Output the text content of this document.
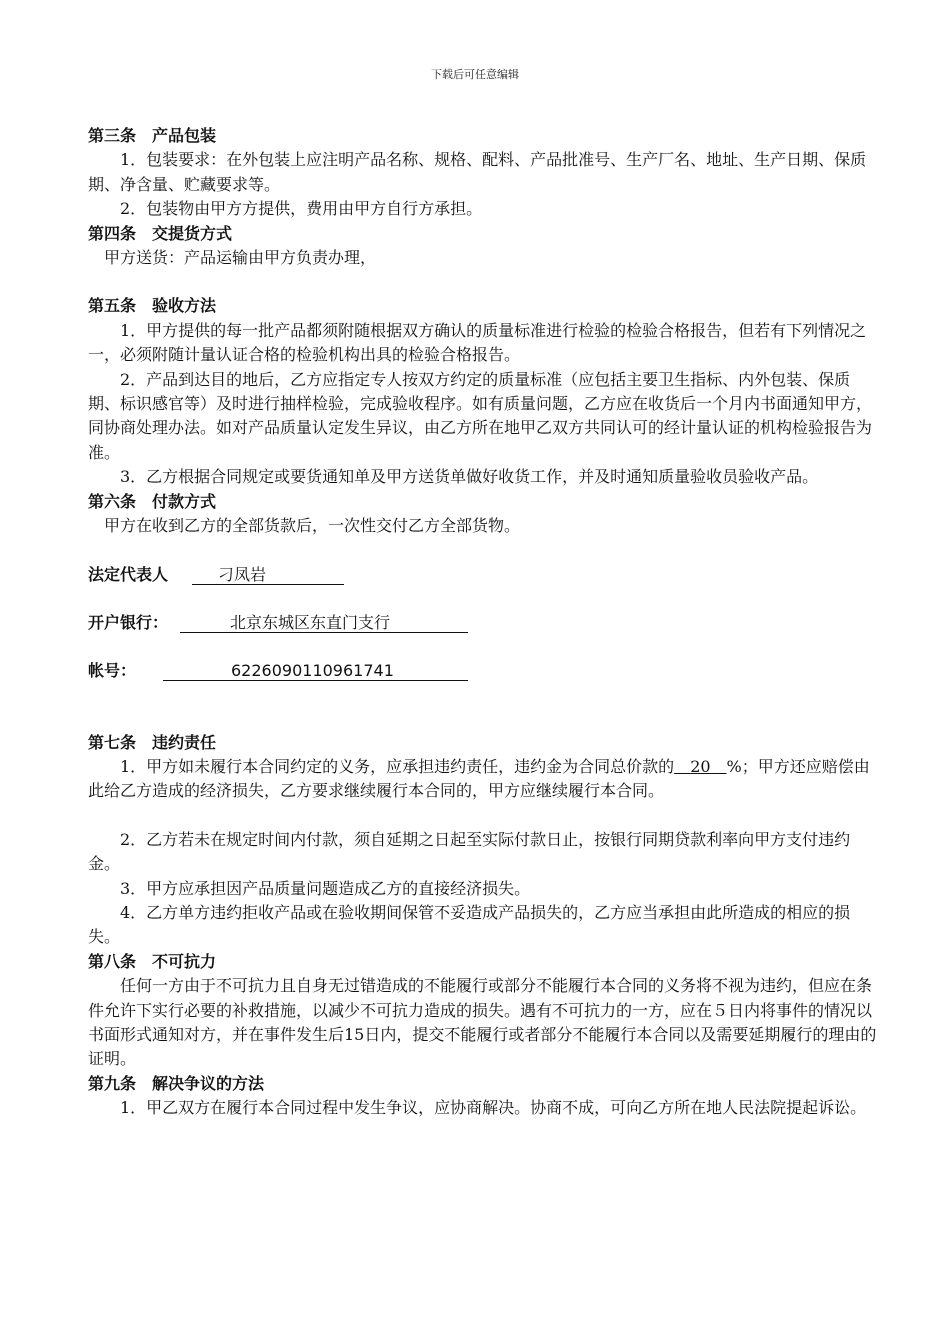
下载后可任意编辑
第三条　产品包装

1．包装要求：在外包装上应注明产品名称、规格、配料、产品批准号、生产厂名、地址、生产日期、保质期、净含量、贮藏要求等。

2．包装物由甲方方提供，费用由甲方自行方承担。

第四条　交提货方式

甲方送货：产品运输由甲方负责办理，

第五条　验收方法

1．甲方提供的每一批产品都须附随根据双方确认的质量标准进行检验的检验合格报告，但若有下列情况之一，必须附随计量认证合格的检验机构出具的检验合格报告。

2．产品到达目的地后，乙方应指定专人按双方约定的质量标准（应包括主要卫生指标、内外包装、保质期、标识感官等）及时进行抽样检验，完成验收程序。如有质量问题，乙方应在收货后一个月内书面通知甲方，同协商处理办法。如对产品质量认定发生异议，由乙方所在地甲乙双方共同认可的经计量认证的机构检验报告为准。

3．乙方根据合同规定或要货通知单及甲方送货单做好收货工作，并及时通知质量验收员验收产品。

第六条　付款方式

甲方在收到乙方的全部货款后，一次性交付乙方全部货物。

法定代表人	刁凤岩
开户银行：	北京东城区东直门支行
帐号：	6226090110961741
第七条　违约责任

1．甲方如未履行本合同约定的义务，应承担违约责任，违约金为合同总价款的  20  %；甲方还应赔偿由此给乙方造成的经济损失，乙方要求继续履行本合同的，甲方应继续履行本合同。

2．乙方若未在规定时间内付款，须自延期之日起至实际付款日止，按银行同期贷款利率向甲方支付违约金。

3．甲方应承担因产品质量问题造成乙方的直接经济损失。

4．乙方单方违约拒收产品或在验收期间保管不妥造成产品损失的，乙方应当承担由此所造成的相应的损失。

第八条　不可抗力

任何一方由于不可抗力且自身无过错造成的不能履行或部分不能履行本合同的义务将不视为违约，但应在条件允许下实行必要的补救措施，以减少不可抗力造成的损失。遇有不可抗力的一方，应在５日内将事件的情况以书面形式通知对方，并在事件发生后15日内，提交不能履行或者部分不能履行本合同以及需要延期履行的理由的证明。

第九条　解决争议的方法

1．甲乙双方在履行本合同过程中发生争议，应协商解决。协商不成，可向乙方所在地人民法院提起诉讼。
